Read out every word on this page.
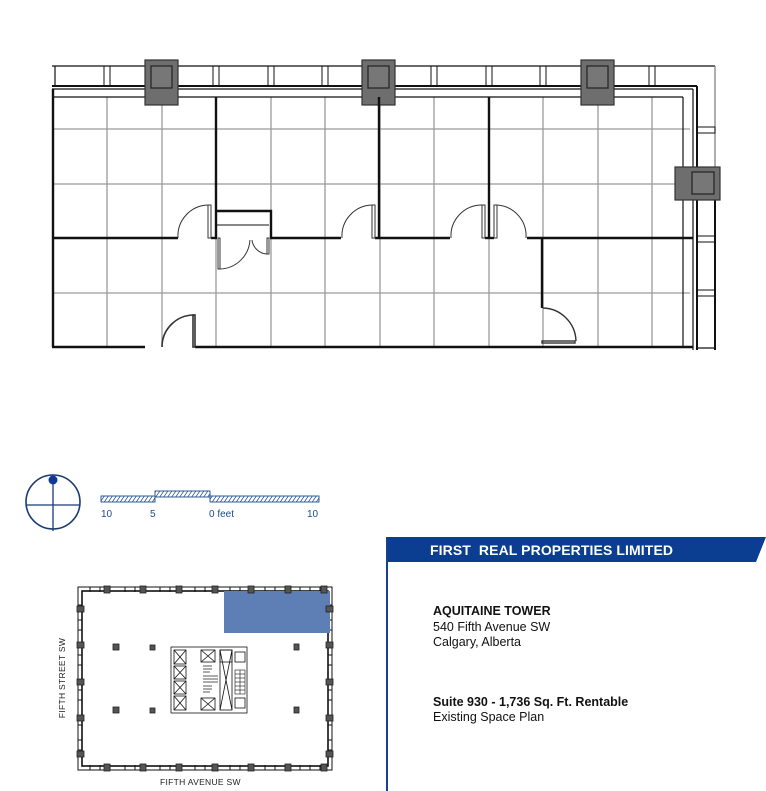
10	5	0 feet	10
FIRST  REAL PROPERTIES LIMITED
AQUITAINE TOWER
540 Fifth Avenue SW
Calgary, Alberta
Suite 930 - 1,736 Sq. Ft. Rentable
Existing Space Plan
FIFTH STREET SW
FIFTH AVENUE SW
